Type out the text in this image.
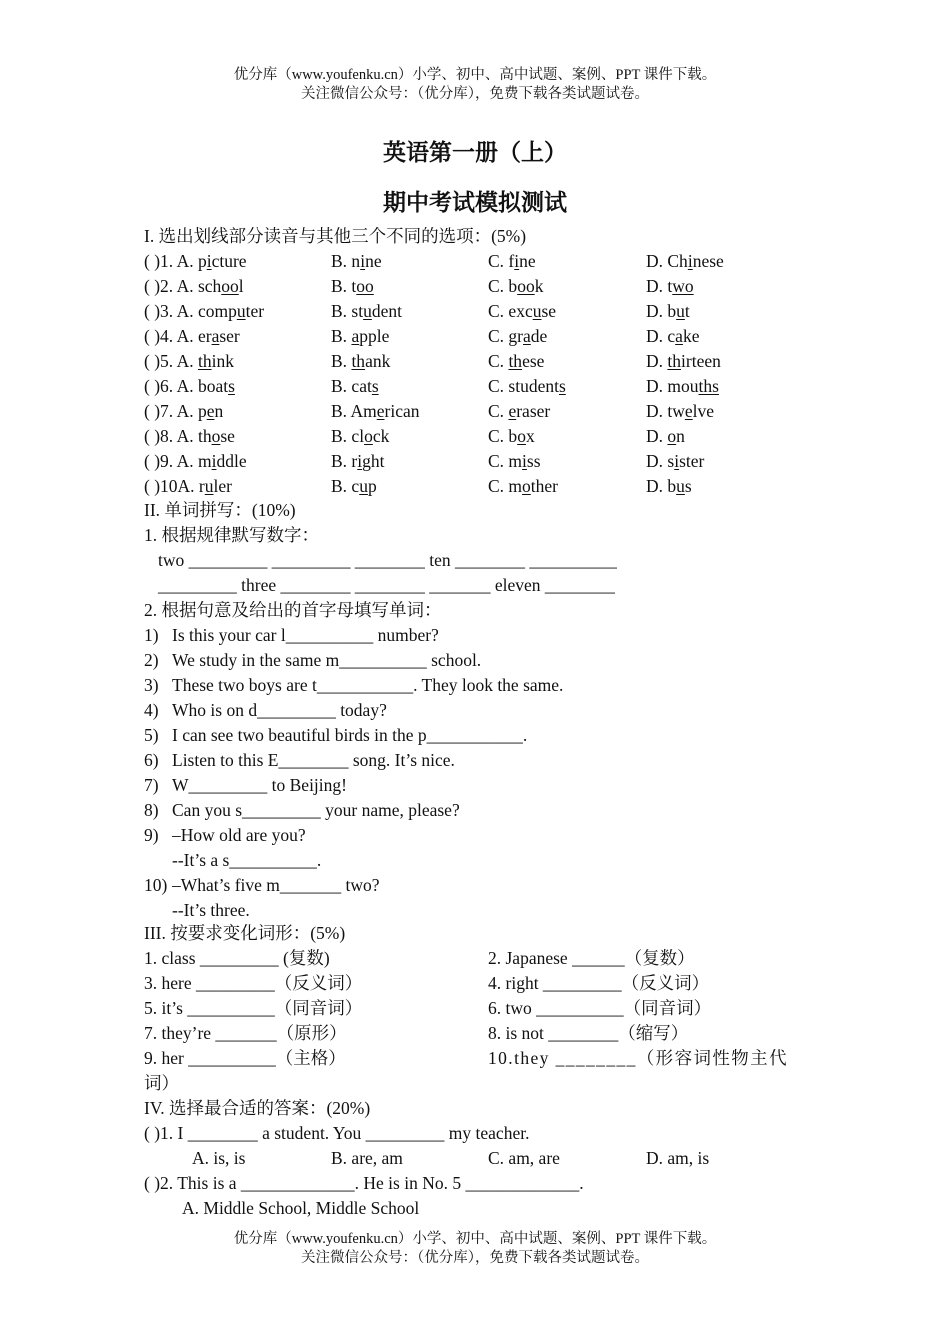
优分库（www.youfenku.cn）小学、初中、高中试题、案例、PPT 课件下载。
关注微信公众号：（优分库），免费下载各类试题试卷。
英语第一册（上）
期中考试模拟测试
I. 选出划线部分读音与其他三个不同的选项：(5%)
( )1. A. picture	B. nine	C. fine	D. Chinese
( )2. A. school	B. too	C. book	D. two
( )3. A. computer	B. student	C. excuse	D. but
( )4. A. eraser	B. apple	C. grade	D. cake
( )5. A. think	B. thank	C. these	D. thirteen
( )6. A. boats	B. cats	C. students	D. mouths
( )7. A. pen	B. American	C. eraser	D. twelve
( )8. A. those	B. clock	C. box	D. on
( )9. A. middle	B. right	C. miss	D. sister
( )10A. ruler	B. cup	C. mother	D. bus
II. 单词拼写：(10%)
1. 根据规律默写数字：
two _________ _________ ________ ten ________ __________
_________ three ________ ________ _______ eleven ________
2. 根据句意及给出的首字母填写单词：
1) Is this your car l__________ number?
2) We study in the same m__________ school.
3) These two boys are t___________. They look the same.
4) Who is on d_________ today?
5) I can see two beautiful birds in the p___________.
6) Listen to this E________ song. It’s nice.
7) W_________ to Beijing!
8) Can you s_________ your name, please?
9) –How old are you?
--It’s a s__________.
10) –What’s five m_______ two?
--It’s three.
III. 按要求变化词形：(5%)
1. class _________ (复数)	2. Japanese ______（复数）
3. here _________（反义词）	4. right _________（反义词）
5. it’s __________（同音词）	6. two __________（同音词）
7. they’re _______（原形）	8. is not ________（缩写）
9. her __________（主格）	10.they ________（形容词性物主代
词）
IV. 选择最合适的答案：(20%)
( )1. I ________ a student. You _________ my teacher.
A. is, is	B. are, am	C. am, are	D. am, is
( )2. This is a _____________. He is in No. 5 _____________.
A. Middle School, Middle School
优分库（www.youfenku.cn）小学、初中、高中试题、案例、PPT 课件下载。
关注微信公众号：（优分库），免费下载各类试题试卷。
